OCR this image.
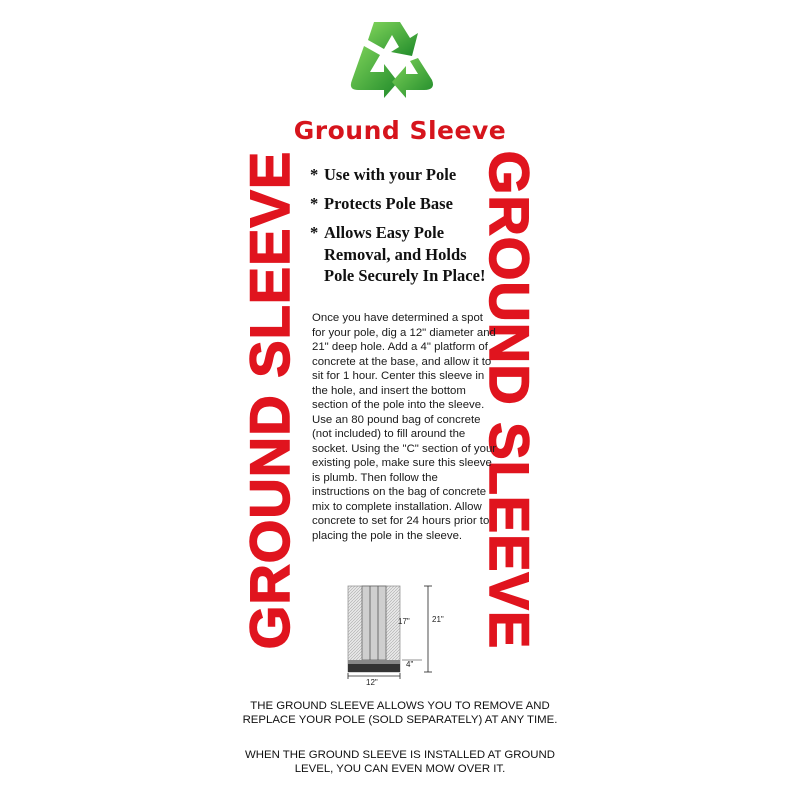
Ground Sleeve
GROUND SLEEVE	GROUND SLEEVE
* Use with your Pole
* Protects Pole Base
* Allows Easy Pole Removal, and Holds Pole Securely In Place!

Once you have determined a spot for your pole, dig a 12" diameter and 21" deep hole. Add a 4" platform of concrete at the base, and allow it to sit for 1 hour. Center this sleeve in the hole, and insert the bottom section of the pole into the sleeve. Use an 80 pound bag of concrete (not included) to fill around the socket. Using the "C" section of your existing pole, make sure this sleeve is plumb. Then follow the instructions on the bag of concrete mix to complete installation. Allow concrete to set for 24 hours prior to placing the pole in the sleeve.

17"	21"
4"
12"
THE GROUND SLEEVE ALLOWS YOU TO REMOVE AND REPLACE YOUR POLE (SOLD SEPARATELY) AT ANY TIME.
WHEN THE GROUND SLEEVE IS INSTALLED AT GROUND LEVEL, YOU CAN EVEN MOW OVER IT.
